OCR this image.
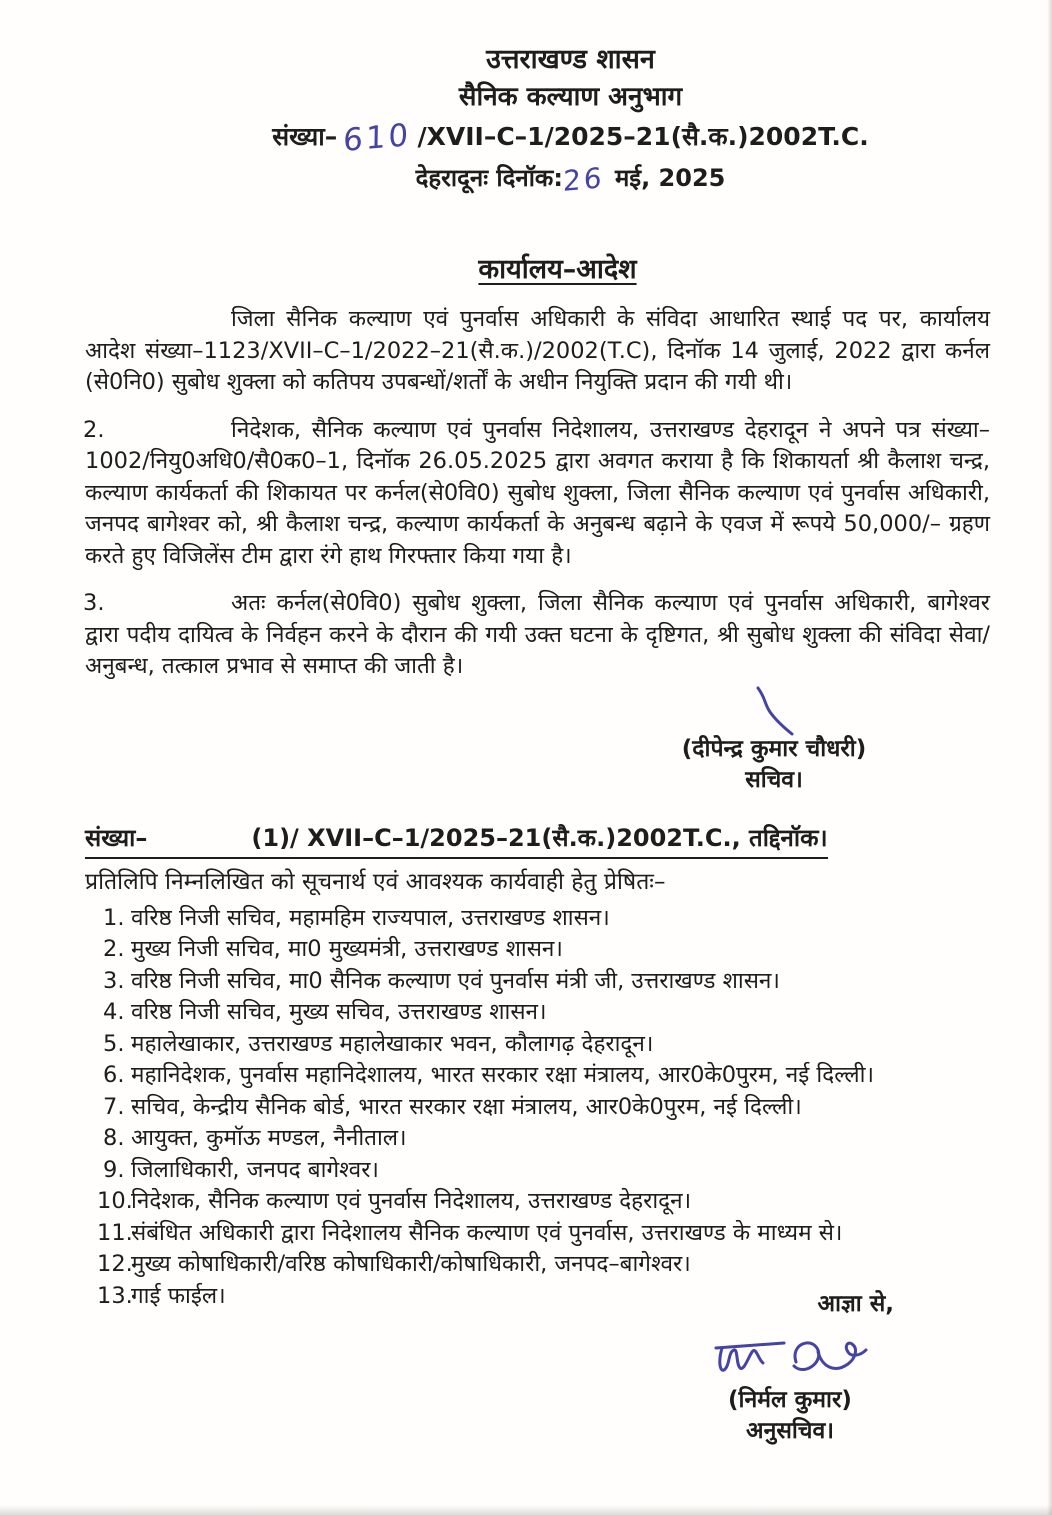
उत्तराखण्ड शासन
सैनिक कल्याण अनुभाग
संख्या– 610 /XVII–C–1/2025–21(सै.क.)2002T.C.
देहरादूनः दिनॉक:26 मई, 2025
कार्यालय–आदेश
जिला सैनिक कल्याण एवं पुनर्वास अधिकारी के संविदा आधारित स्थाई पद पर, कार्यालय आदेश संख्या–1123/XVII–C–1/2022–21(सै.क.)/2002(T.C), दिनॉक 14 जुलाई, 2022 द्वारा कर्नल (से0नि0) सुबोध शुक्ला को कतिपय उपबन्धों/शर्तों के अधीन नियुक्ति प्रदान की गयी थी।
2.	निदेशक, सैनिक कल्याण एवं पुनर्वास निदेशालय, उत्तराखण्ड देहरादून ने अपने पत्र संख्या–1002/नियु0अधि0/सै0क0–1, दिनॉक 26.05.2025 द्वारा अवगत कराया है कि शिकायर्ता श्री कैलाश चन्द्र, कल्याण कार्यकर्ता की शिकायत पर कर्नल(से0वि0) सुबोध शुक्ला, जिला सैनिक कल्याण एवं पुनर्वास अधिकारी, जनपद बागेश्वर को, श्री कैलाश चन्द्र, कल्याण कार्यकर्ता के अनुबन्ध बढ़ाने के एवज में रूपये 50,000/– ग्रहण करते हुए विजिलेंस टीम द्वारा रंगे हाथ गिरफ्तार किया गया है।
3.	अतः कर्नल(से0वि0) सुबोध शुक्ला, जिला सैनिक कल्याण एवं पुनर्वास अधिकारी, बागेश्वर द्वारा पदीय दायित्व के निर्वहन करने के दौरान की गयी उक्त घटना के दृष्टिगत, श्री सुबोध शुक्ला की संविदा सेवा/अनुबन्ध, तत्काल प्रभाव से समाप्त की जाती है।
(दीपेन्द्र कुमार चौधरी)
सचिव।
संख्या–	(1)/ XVII–C–1/2025–21(सै.क.)2002T.C., तद्दिनॉक।
प्रतिलिपि निम्नलिखित को सूचनार्थ एवं आवश्यक कार्यवाही हेतु प्रेषितः–
1. वरिष्ठ निजी सचिव, महामहिम राज्यपाल, उत्तराखण्ड शासन।
2. मुख्य निजी सचिव, मा0 मुख्यमंत्री, उत्तराखण्ड शासन।
3. वरिष्ठ निजी सचिव, मा0 सैनिक कल्याण एवं पुनर्वास मंत्री जी, उत्तराखण्ड शासन।
4. वरिष्ठ निजी सचिव, मुख्य सचिव, उत्तराखण्ड शासन।
5. महालेखाकार, उत्तराखण्ड महालेखाकार भवन, कौलागढ़ देहरादून।
6. महानिदेशक, पुनर्वास महानिदेशालय, भारत सरकार रक्षा मंत्रालय, आर0के0पुरम, नई दिल्ली।
7. सचिव, केन्द्रीय सैनिक बोर्ड, भारत सरकार रक्षा मंत्रालय, आर0के0पुरम, नई दिल्ली।
8. आयुक्त, कुमॉऊ मण्डल, नैनीताल।
9. जिलाधिकारी, जनपद बागेश्वर।
10.
निदेशक, सैनिक कल्याण एवं पुनर्वास निदेशालय, उत्तराखण्ड देहरादून।
11.
संबंधित अधिकारी द्वारा निदेशालय सैनिक कल्याण एवं पुनर्वास, उत्तराखण्ड के माध्यम से।
12.
मुख्य कोषाधिकारी/वरिष्ठ कोषाधिकारी/कोषाधिकारी, जनपद–बागेश्वर।
13.
गाई फाईल।	आज्ञा से,
(निर्मल कुमार)
अनुसचिव।
